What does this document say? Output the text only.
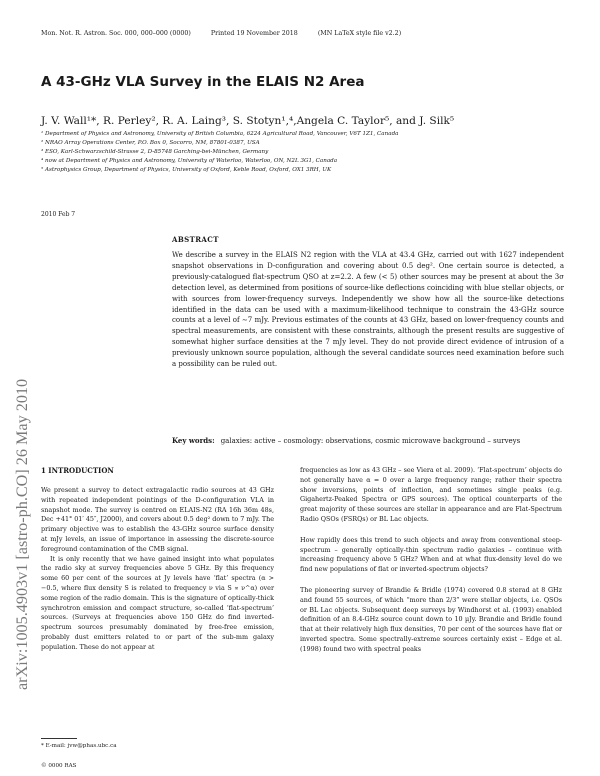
Mon. Not. R. Astron. Soc. 000, 000–000 (0000)	Printed 19 November 2018	(MN LaTeX style file v2.2)
arXiv:1005.4903v1 [astro-ph.CO] 26 May 2010
A 43-GHz VLA Survey in the ELAIS N2 Area
J. V. Wall¹*, R. Perley², R. A. Laing³, S. Stotyn¹,⁴,Angela C. Taylor⁵, and J. Silk⁵
¹ Department of Physics and Astronomy, University of British Columbia, 6224 Agricultural Road, Vancouver, V6T 1Z1, Canada
² NRAO Array Operations Center, P.O. Box 0, Socorro, NM, 87801-0387, USA
³ ESO, Karl-Schwarzschild-Strasse 2, D-85748 Garching-bei-München, Germany
⁴ now at Department of Physics and Astronomy, University of Waterloo, Waterloo, ON, N2L 3G1, Canada
⁵ Astrophysics Group, Department of Physics, University of Oxford, Keble Road, Oxford, OX1 3RH, UK
2010 Feb 7
ABSTRACT
We describe a survey in the ELAIS N2 region with the VLA at 43.4 GHz, carried out with 1627 independent snapshot observations in D-configuration and covering about 0.5 deg². One certain source is detected, a previously-catalogued flat-spectrum QSO at z=2.2. A few (< 5) other sources may be present at about the 3σ detection level, as determined from positions of source-like deflections coinciding with blue stellar objects, or with sources from lower-frequency surveys. Independently we show how all the source-like detections identified in the data can be used with a maximum-likelihood technique to constrain the 43-GHz source counts at a level of ∼7 mJy. Previous estimates of the counts at 43 GHz, based on lower-frequency counts and spectral measurements, are consistent with these constraints, although the present results are suggestive of somewhat higher surface densities at the 7 mJy level. They do not provide direct evidence of intrusion of a previously unknown source population, although the several candidate sources need examination before such a possibility can be ruled out.
Key words: galaxies: active – cosmology: observations, cosmic microwave background – surveys
1 INTRODUCTION

We present a survey to detect extragalactic radio sources at 43 GHz with repeated independent pointings of the D-configuration VLA in snapshot mode. The survey is centred on ELAIS-N2 (RA 16h 36m 48s, Dec +41° 01′ 45″, J2000), and covers about 0.5 deg² down to 7 mJy. The primary objective was to establish the 43-GHz source surface density at mJy levels, an issue of importance in assessing the discrete-source foreground contamination of the CMB signal.

It is only recently that we have gained insight into what populates the radio sky at survey frequencies above 5 GHz. By this frequency some 60 per cent of the sources at Jy levels have ‘flat’ spectra (α > −0.5, where flux density S is related to frequency ν via S ∝ ν^α) over some region of the radio domain. This is the signature of optically-thick synchrotron emission and compact structure, so-called ‘flat-spectrum’ sources. (Surveys at frequencies above 150 GHz do find inverted-spectrum sources presumably dominated by free-free emission, probably dust emitters related to or part of the sub-mm galaxy population. These do not appear at

frequencies as low as 43 GHz – see Viera et al. 2009). ‘Flat-spectrum’ objects do not generally have α = 0 over a large frequency range; rather their spectra show inversions, points of inflection, and sometimes single peaks (e.g. Gigahertz-Peaked Spectra or GPS sources). The optical counterparts of the great majority of these sources are stellar in appearance and are Flat-Spectrum Radio QSOs (FSRQs) or BL Lac objects.

How rapidly does this trend to such objects and away from conventional steep-spectrum – generally optically-thin spectrum radio galaxies – continue with increasing frequency above 5 GHz? When and at what flux-density level do we find new populations of flat or inverted-spectrum objects?

The pioneering survey of Brandie & Bridle (1974) covered 0.8 sterad at 8 GHz and found 55 sources, of which “more than 2/3” were stellar objects, i.e. QSOs or BL Lac objects. Subsequent deep surveys by Windhorst et al. (1993) enabled definition of an 8.4-GHz source count down to 10 µJy. Brandie and Bridle found that at their relatively high flux densities, 70 per cent of the sources have flat or inverted spectra. Some spectrally-extreme sources certainly exist – Edge et al. (1998) found two with spectral peaks

* E-mail: jvw@phas.ubc.ca
© 0000 RAS
